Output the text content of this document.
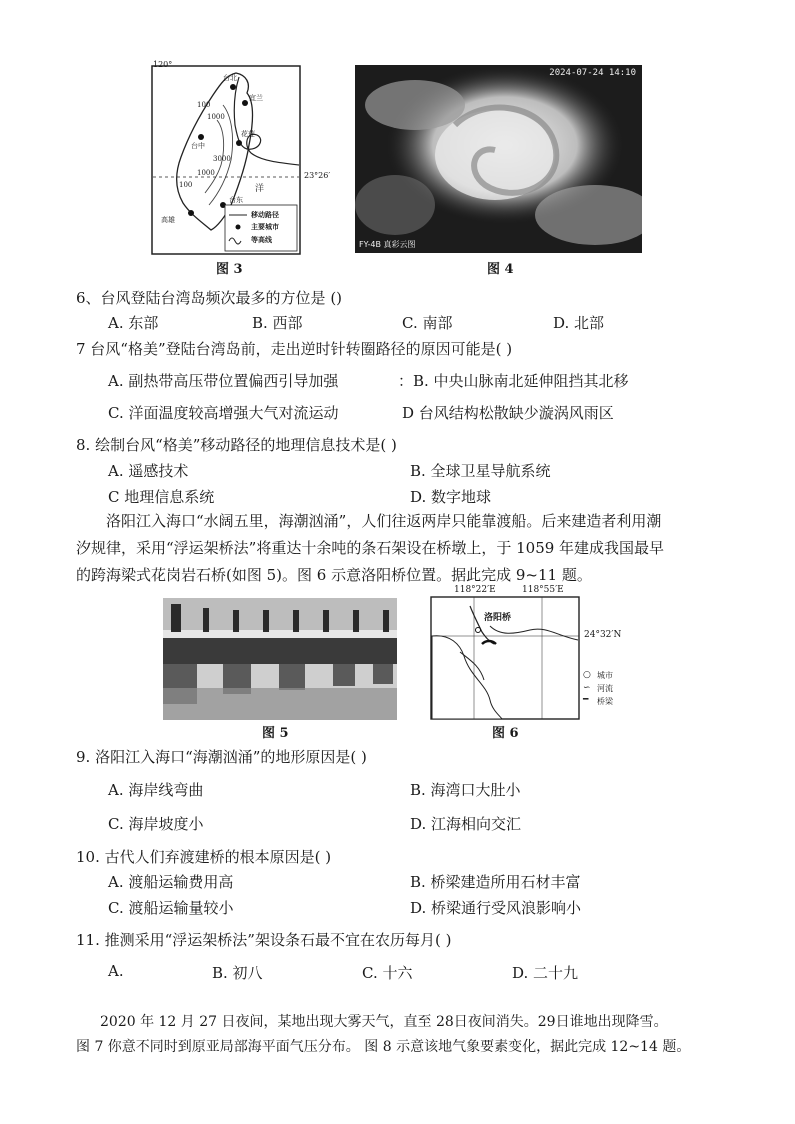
120°
23°26′
洋
台北
宜兰
台中
花莲
台东
高雄
100
1000
3000
1000
100
移动路径
主要城市
等高线
图 3
2024-07-24 14:10
FY-4B 真彩云图
图 4
6、台风登陆台湾岛频次最多的方位是 ()
A. 东部	B. 西部	C. 南部	D. 北部
7 台风“格美”登陆台湾岛前，走出逆时针转圈路径的原因可能是( )
A. 副热带高压带位置偏西引导加强	：B. 中央山脉南北延伸阻挡其北移
C. 洋面温度较高增强大气对流运动	D 台风结构松散缺少漩涡风雨区
8. 绘制台风“格美”移动路径的地理信息技术是( )
A. 遥感技术	B. 全球卫星导航系统
C 地理信息系统	D. 数字地球
洛阳江入海口“水阔五里，海潮汹涌”，人们往返两岸只能靠渡船。后来建造者利用潮
汐规律，采用“浮运架桥法”将重达十余吨的条石架设在桥墩上，于 1059 年建成我国最早
的跨海梁式花岗岩石桥(如图 5)。图 6 示意洛阳桥位置。据此完成 9~11 题。
图 5
118°22′E	118°55′E
24°32′N
洛阳桥
○ 城市
∽ 河流
━ 桥梁
图 6
9. 洛阳江入海口“海潮汹涌”的地形原因是( )
A. 海岸线弯曲	B. 海湾口大肚小
C. 海岸坡度小	D. 江海相向交汇
10. 古代人们弃渡建桥的根本原因是( )
A. 渡船运输费用高	B. 桥梁建造所用石材丰富
C. 渡船运输量较小	D. 桥梁通行受风浪影响小
11. 推测采用“浮运架桥法”架设条石最不宜在农历每月( )
A.	B. 初八	C. 十六	D. 二十九
2020 年 12 月 27 日夜间，某地出现大雾天气，直至 28日夜间消失。29日谁地出现降雪。
图 7 你意不同时到原亚局部海平面气压分布。 图 8 示意该地气象要素变化，据此完成 12~14 题。
